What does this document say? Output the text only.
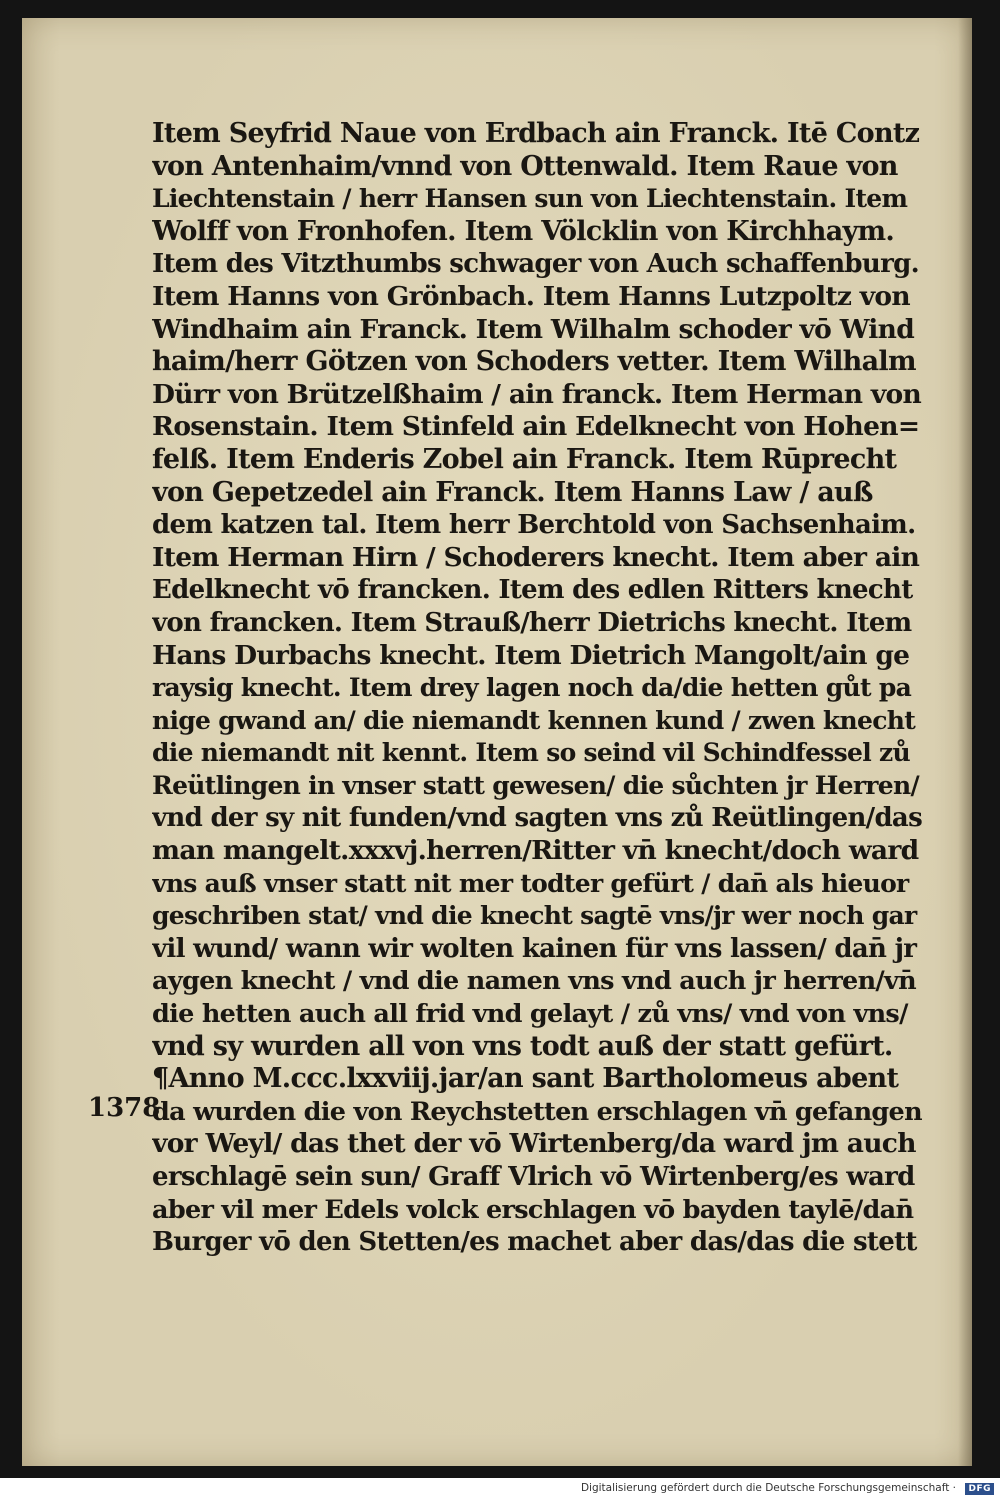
Item Seyfrid Naue von Erdbach ain Franck. Itē Contz
von Antenhaim/vnnd von Ottenwald. Item Raue von
Liechtenstain / herr Hansen sun von Liechtenstain. Item
Wolff von Fronhofen. Item Völcklin von Kirchhaym.
Item des Vitzthumbs schwager von Auch schaffenburg.
Item Hanns von Grönbach. Item Hanns Lutzpoltz von
Windhaim ain Franck. Item Wilhalm schoder vō Wind
haim/herr Götzen von Schoders vetter. Item Wilhalm
Dürr von Brützelßhaim / ain franck. Item Herman von
Rosenstain. Item Stinfeld ain Edelknecht von Hohen=
felß. Item Enderis Zobel ain Franck. Item Rūprecht
von Gepetzedel ain Franck. Item Hanns Law / auß
dem katzen tal. Item herr Berchtold von Sachsenhaim.
Item Herman Hirn / Schoderers knecht. Item aber ain
Edelknecht vō francken. Item des edlen Ritters knecht
von francken. Item Strauß/herr Dietrichs knecht. Item
Hans Durbachs knecht. Item Dietrich Mangolt/ain ge
raysig knecht. Item drey lagen noch da/die hetten gůt pa
nige gwand an/ die niemandt kennen kund / zwen knecht
die niemandt nit kennt. Item so seind vil Schindfessel zů
Reütlingen in vnser statt gewesen/ die sůchten jr Herren/
vnd der sy nit funden/vnd sagten vns zů Reütlingen/das
man mangelt.xxxvj.herren/Ritter vn̄ knecht/doch ward
vns auß vnser statt nit mer todter gefürt / dan̄ als hieuor
geschriben stat/ vnd die knecht sagtē vns/jr wer noch gar
vil wund/ wann wir wolten kainen für vns lassen/ dan̄ jr
aygen knecht / vnd die namen vns vnd auch jr herren/vn̄
die hetten auch all frid vnd gelayt / zů vns/ vnd von vns/
vnd sy wurden all von vns todt auß der statt gefürt.
¶Anno M.ccc.lxxviij.jar/an sant Bartholomeus abent
da wurden die von Reychstetten erschlagen vn̄ gefangen
vor Weyl/ das thet der vō Wirtenberg/da ward jm auch
erschlagē sein sun/ Graff Vlrich vō Wirtenberg/es ward
aber vil mer Edels volck erschlagen vō bayden taylē/dan̄
Burger vō den Stetten/es machet aber das/das die stett
1378
Digitalisierung gefördert durch die Deutsche Forschungsgemeinschaft ·	DFG
